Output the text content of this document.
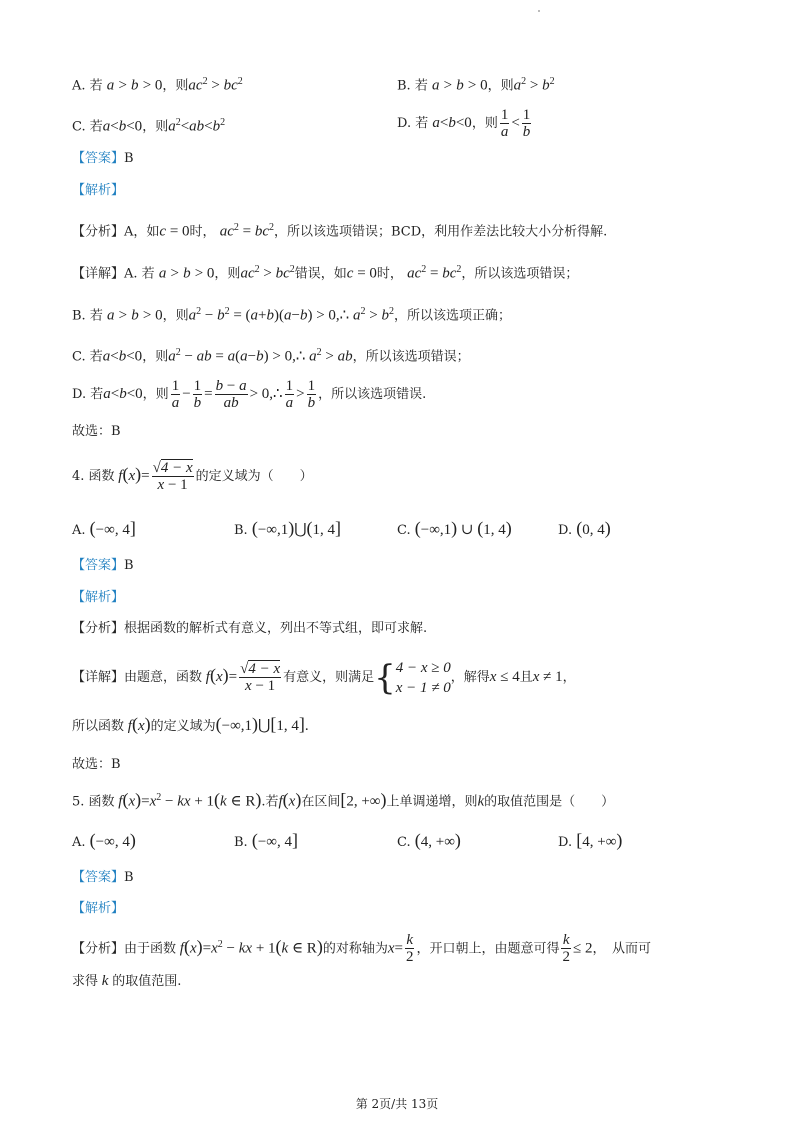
A. 若 a > b > 0，则$ac^2 > bc^2$	B. 若 a > b > 0，则$a^2 > b^2$
C. 若a<b<0，则$a^2<ab<b^2$	D. 若 a<b<0，则 $\frac{1}{a} < \frac{1}{b}$
【答案】B
【解析】
【分析】A，如c = 0时， $ac^2 = bc^2$，所以该选项错误；BCD，利用作差法比较大小分析得解.
【详解】A. 若 a > b > 0，则$ac^2 > bc^2$错误，如c = 0时， $ac^2 = bc^2$，所以该选项错误；
B. 若 a > b > 0，则$a^2 - b^2 = (a+b)(a-b)$ > 0,∴ $a^2 > b^2$，所以该选项正确；
C. 若a<b<0，则$a^2$ − ab = a(a−b) > 0,∴ $a^2$ > ab，所以该选项错误；
D. 若a<b<0，则 $\frac{1}{a} - \frac{1}{b} = \frac{b - a}{ab}$ > 0,∴ $\frac{1}{a} > \frac{1}{b}$ ，所以该选项错误.
故选：B
4. 函数 $f(x)= \frac{√4 - x}{x - 1}$ 的定义域为（　　）
A. (−∞, 4]	B. (−∞,1)⋃(1, 4]	C. (−∞,1) ∪ (1, 4)	D. (0, 4)
【答案】B
【解析】
【分析】根据函数的解析式有意义，列出不等式组，即可求解.
【详解】由题意，函数 $f(x)= \frac{√4 - x}{x - 1}$ 有意义，则满足{4 − x ≥ 0
x − 1 ≠ 0，解得x ≤ 4且x ≠ 1，
所以函数 f(x)的定义域为(−∞,1)⋃[1, 4].
故选：B
5. 函数 $f(x)=x^2$ − kx + 1(k ∈ R).若f(x)在区间[2, +∞)上单调递增，则k的取值范围是（　　）
A. (−∞, 4)	B. (−∞, 4]	C. (4, +∞)	D. [4, +∞)
【答案】B
【解析】
【分析】由于函数 $f(x)=x^2$ − kx + 1(k ∈ R)的对称轴为$x= \frac{k}{2}$ ，开口朝上，由题意可得 $\frac{k}{2} \le 2$，　从而可
求得 k 的取值范围.
第 2页/共 13页
